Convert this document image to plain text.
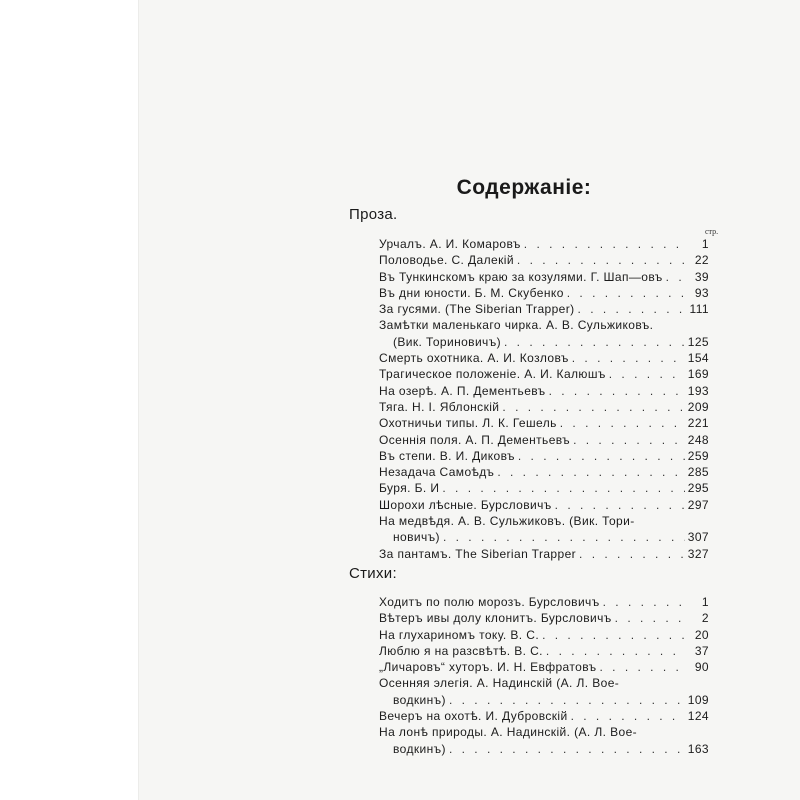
Содержаніе:
Проза.
стр.
Урчалъ. А. И. Комаровъ . . .	1
Половодье. С. Далекій . . .	22
Въ Тункинскомъ краю за козулями. Г. Шап—овъ . . .	39
Въ дни юности. Б. М. Скубенко . . .	93
За гусями. (The Siberian Trapper) . . .	111
Замѣтки маленькаго чирка. А. В. Сульжиковъ.
(Вик. Ториновичъ) . . .	125
Смерть охотника. А. И. Козловъ . . .	154
Трагическое положеніе. А. И. Калюшъ . . .	169
На озерѣ. А. П. Дементьевъ . . .	193
Тяга. Н. І. Яблонскій . . .	209
Охотничьи типы. Л. К. Гешель . . .	221
Осеннія поля. А. П. Дементьевъ . . .	248
Въ степи. В. И. Диковъ . . .	259
Незадача Самоѣдъ . . .	285
Буря. Б. И . . .	295
Шорохи лѣсные. Бурсловичъ . . .	297
На медвѣдя. А. В. Сульжиковъ. (Вик. Тори-
новичъ) . . .	307
За пантамъ. The Siberian Trapper . . .	327
Стихи:
Ходитъ по полю морозъ. Бурсловичъ . . .	1
Вѣтеръ ивы долу клонитъ. Бурсловичъ . . .	2
На глухариномъ току. В. С. . . .	20
Люблю я на разсвѣтѣ. В. С. . . .	37
„Личаровъ“ хуторъ. И. Н. Евфратовъ . . .	90
Осенняя элегія. А. Надинскій (А. Л. Вое-
водкинъ) . . .	109
Вечеръ на охотѣ. И. Дубровскій . . .	124
На лонѣ природы. А. Надинскій. (А. Л. Вое-
водкинъ) . . .	163
